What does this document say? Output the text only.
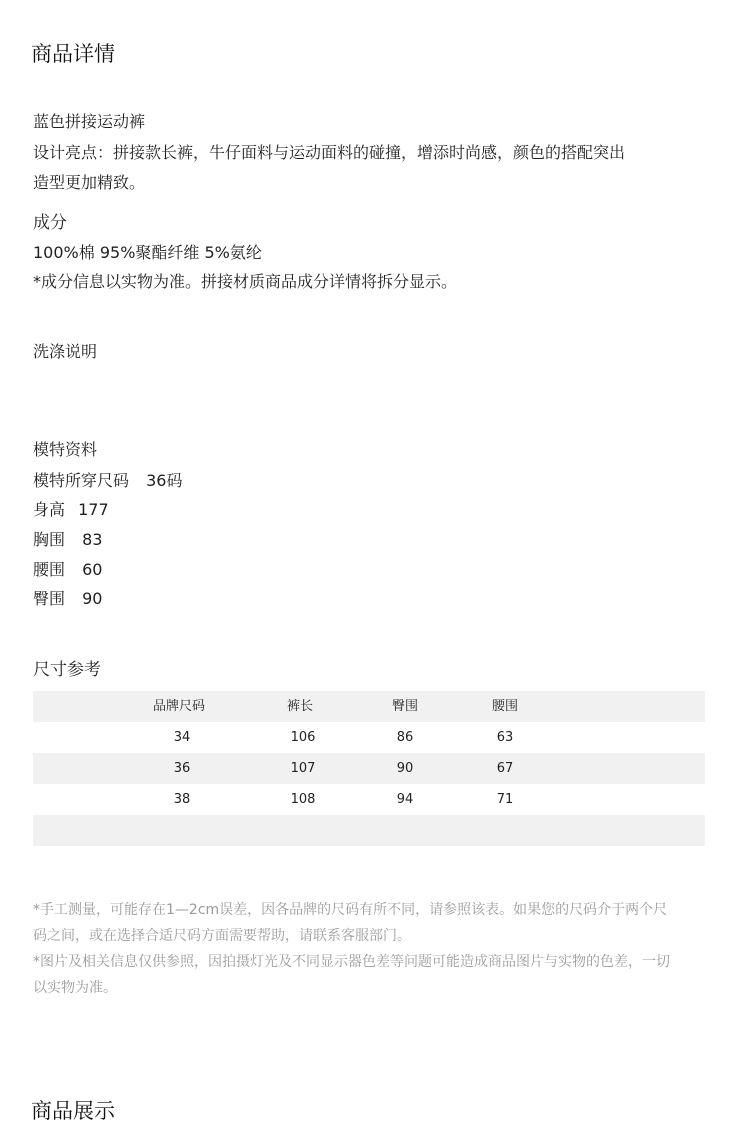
商品详情
蓝色拼接运动裤
设计亮点：拼接款长裤，牛仔面料与运动面料的碰撞，增添时尚感，颜色的搭配突出
造型更加精致。
成分
100%棉 95%聚酯纤维 5%氨纶
*成分信息以实物为准。拼接材质商品成分详情将拆分显示。
洗涤说明
模特资料
模特所穿尺码 36码
身高 177
胸围 83
腰围 60
臀围 90
尺寸参考
品牌尺码	裤长	臀围	腰围
34	106	86	63
36	107	90	67
38	108	94	71
*手工测量，可能存在1—2cm误差，因各品牌的尺码有所不同，请参照该表。如果您的尺码介于两个尺
码之间，或在选择合适尺码方面需要帮助，请联系客服部门。
*图片及相关信息仅供参照，因拍摄灯光及不同显示器色差等问题可能造成商品图片与实物的色差，一切
以实物为准。
商品展示
